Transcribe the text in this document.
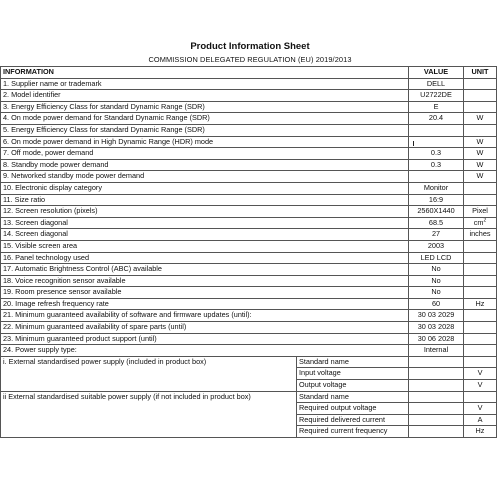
Product Information Sheet
COMMISSION DELEGATED REGULATION (EU) 2019/2013
INFORMATION		VALUE	UNIT
1. Supplier name or trademark		DELL	
2. Model identifier		U2722DE	
3. Energy Efficiency Class for standard Dynamic Range (SDR)		E	
4. On mode power demand for Standard Dynamic Range (SDR)		20.4	W
5. Energy Efficiency Class for standard Dynamic Range (SDR)			
6. On mode power demand in High Dynamic Range (HDR) mode			W
7. Off mode, power demand		0.3	W
8. Standby mode power demand		0.3	W
9. Networked standby mode power demand			W
10. Electronic display category		Monitor	
11. Size ratio		16:9	
12. Screen resolution (pixels)		2560X1440	Pixel
13. Screen diagonal		68.5	$cm^2$
14. Screen diagonal		27	inches
15. Visible screen area		2003	
16. Panel technology used		LED LCD	
17. Automatic Brightness Control (ABC) available		No	
18. Voice recognition sensor available		No	
19. Room presence sensor available		No	
20. Image refresh frequency rate		60	Hz
21. Minimum guaranteed availability of software and firmware updates (until):		30 03 2029	
22. Minimum guaranteed availability of spare parts (until)		30 03 2028	
23. Minimum guaranteed product support (until)		30 06 2028	
24. Power supply type:		Internal	
i. External standardised power supply (included in product box)	Standard name		
	Input voltage		V
	Output voltage		V
ii External standardised suitable power supply (if not included in product box)	Standard name		
	Required output voltage		V
	Required delivered current		A
	Required current frequency		Hz
